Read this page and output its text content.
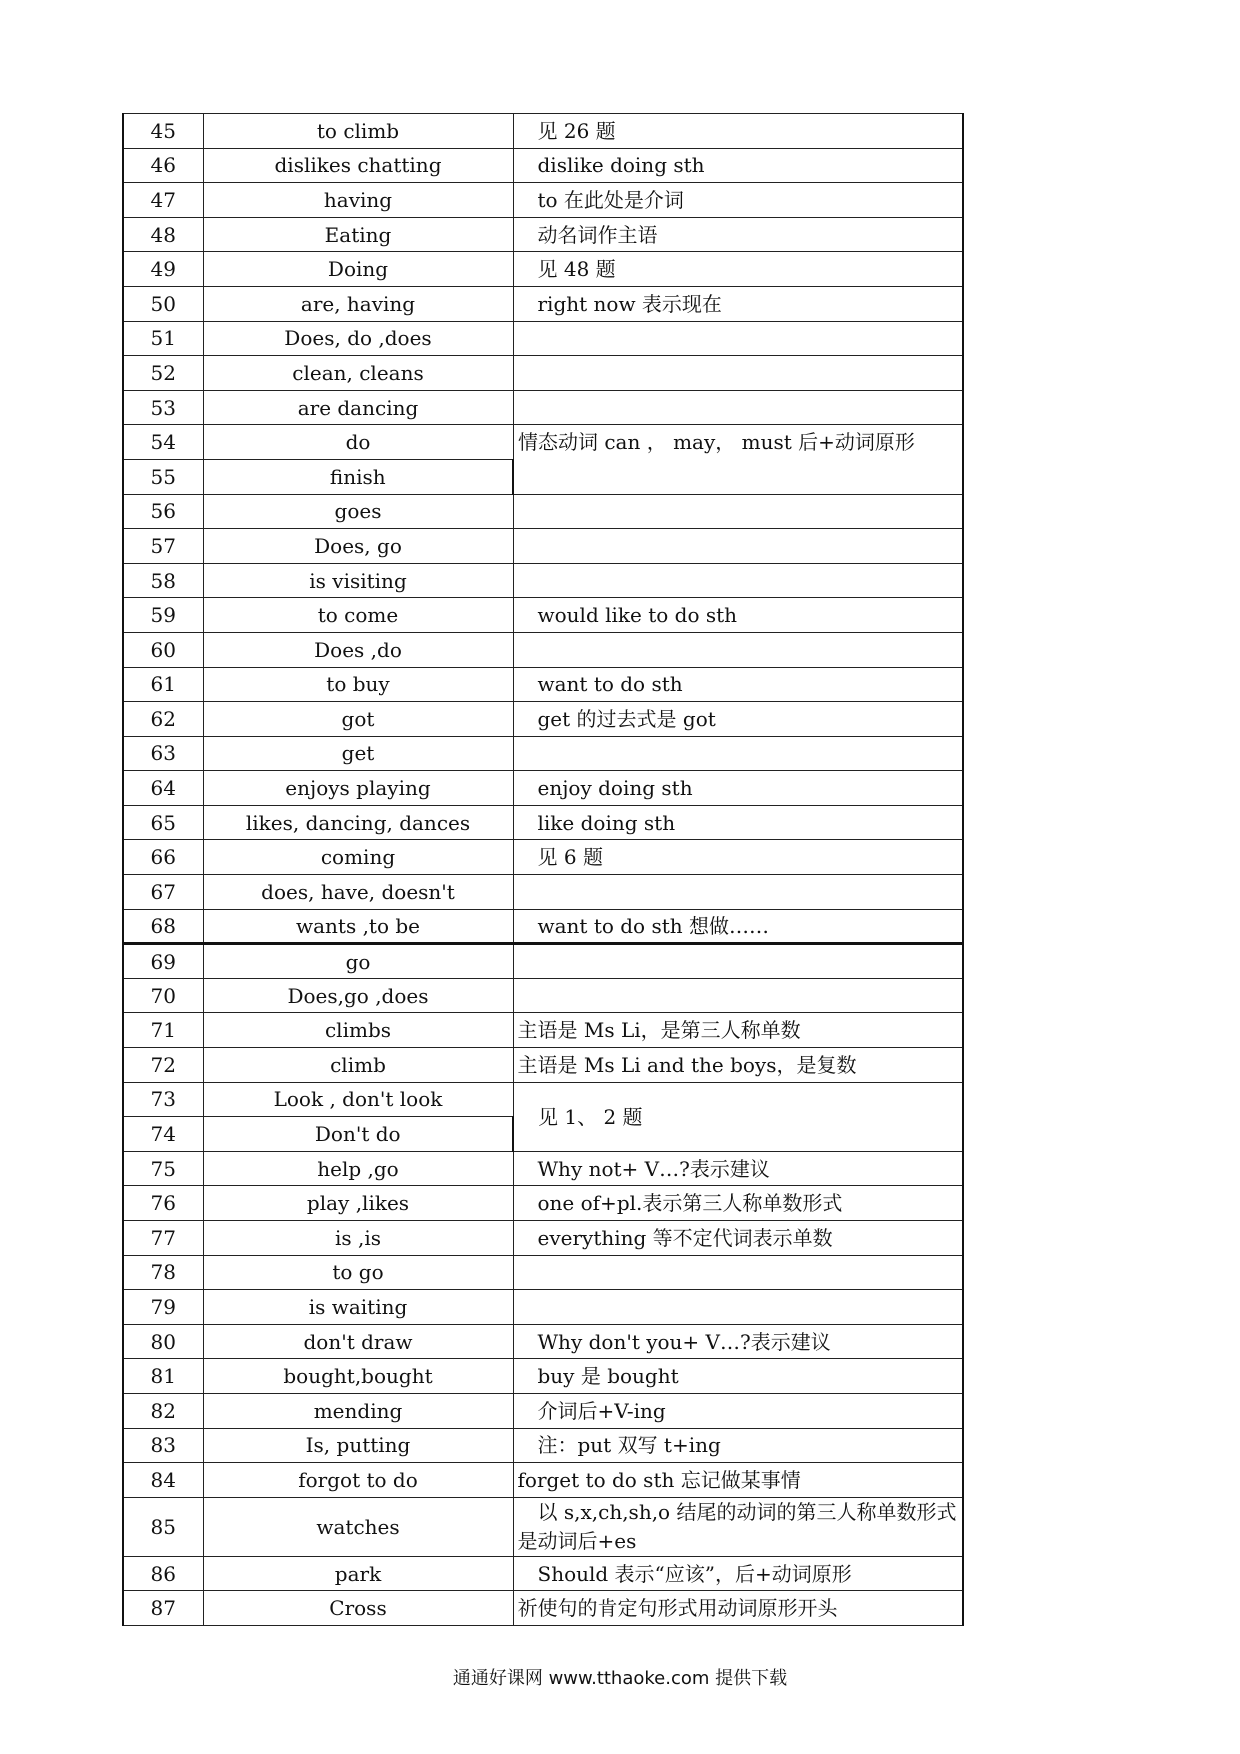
45	to climb	见 26 题
46	dislikes chatting	dislike doing sth
47	having	to 在此处是介词
48	Eating	动名词作主语
49	Doing	见 48 题
50	are, having	right now 表示现在
51	Does, do ,does	
52	clean, cleans	
53	are dancing	
54	do	情态动词 can ， may， must 后+动词原形
55	finish	
56	goes	
57	Does, go	
58	is visiting	
59	to come	would like to do sth
60	Does ,do	
61	to buy	want to do sth
62	got	get 的过去式是 got
63	get	
64	enjoys playing	enjoy doing sth
65	likes, dancing, dances	like doing sth
66	coming	见 6 题
67	does, have, doesn't	
68	wants ,to be	want to do sth 想做……
69	go	
70	Does,go ,does	
71	climbs	主语是 Ms Li，是第三人称单数
72	climb	主语是 Ms Li and the boys，是复数
73	Look , don't look	见 1、 2 题
74	Don't do	
75	help ,go	Why not+ V…?表示建议
76	play ,likes	one of+pl.表示第三人称单数形式
77	is ,is	everything 等不定代词表示单数
78	to go	
79	is waiting	
80	don't draw	Why don't you+ V…?表示建议
81	bought,bought	buy 是 bought
82	mending	介词后+V-ing
83	Is, putting	注：put 双写 t+ing
84	forgot to do	forget to do sth 忘记做某事情
85	watches	以 s,x,ch,sh,o 结尾的动词的第三人称单数形式是动词后+es
86	park	Should 表示“应该”，后+动词原形
87	Cross	祈使句的肯定句形式用动词原形开头
通通好课网 www.tthaoke.com 提供下载
